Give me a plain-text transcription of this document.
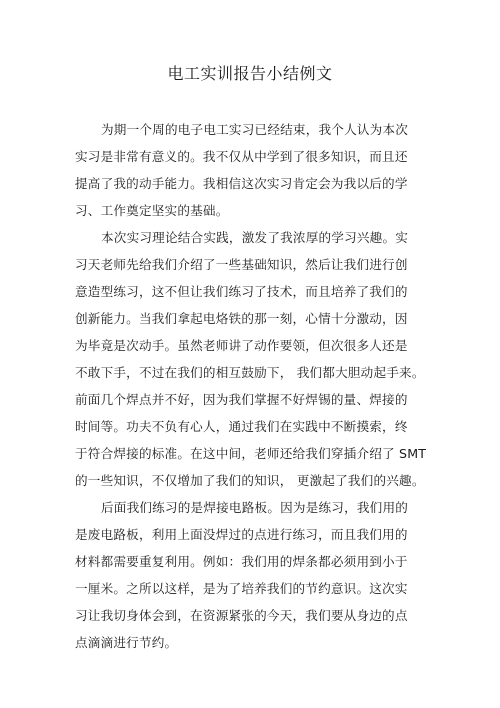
电工实训报告小结例文
为期一个周的电子电工实习已经结束，我个人认为本次
实习是非常有意义的。我不仅从中学到了很多知识，而且还
提高了我的动手能力。我相信这次实习肯定会为我以后的学
习、工作奠定坚实的基础。
本次实习理论结合实践，激发了我浓厚的学习兴趣。实
习天老师先给我们介绍了一些基础知识，然后让我们进行创
意造型练习，这不但让我们练习了技术，而且培养了我们的
创新能力。当我们拿起电烙铁的那一刻，心情十分激动，因
为毕竟是次动手。虽然老师讲了动作要领，但次很多人还是
不敢下手，不过在我们的相互鼓励下， 我们都大胆动起手来。
前面几个焊点并不好，因为我们掌握不好焊锡的量、焊接的
时间等。功夫不负有心人，通过我们在实践中不断摸索，终
于符合焊接的标准。在这中间，老师还给我们穿插介绍了 SMT
的一些知识，不仅增加了我们的知识， 更激起了我们的兴趣。
后面我们练习的是焊接电路板。因为是练习，我们用的
是废电路板，利用上面没焊过的点进行练习，而且我们用的
材料都需要重复利用。例如：我们用的焊条都必须用到小于
一厘米。之所以这样，是为了培养我们的节约意识。这次实
习让我切身体会到，在资源紧张的今天，我们要从身边的点
点滴滴进行节约。
